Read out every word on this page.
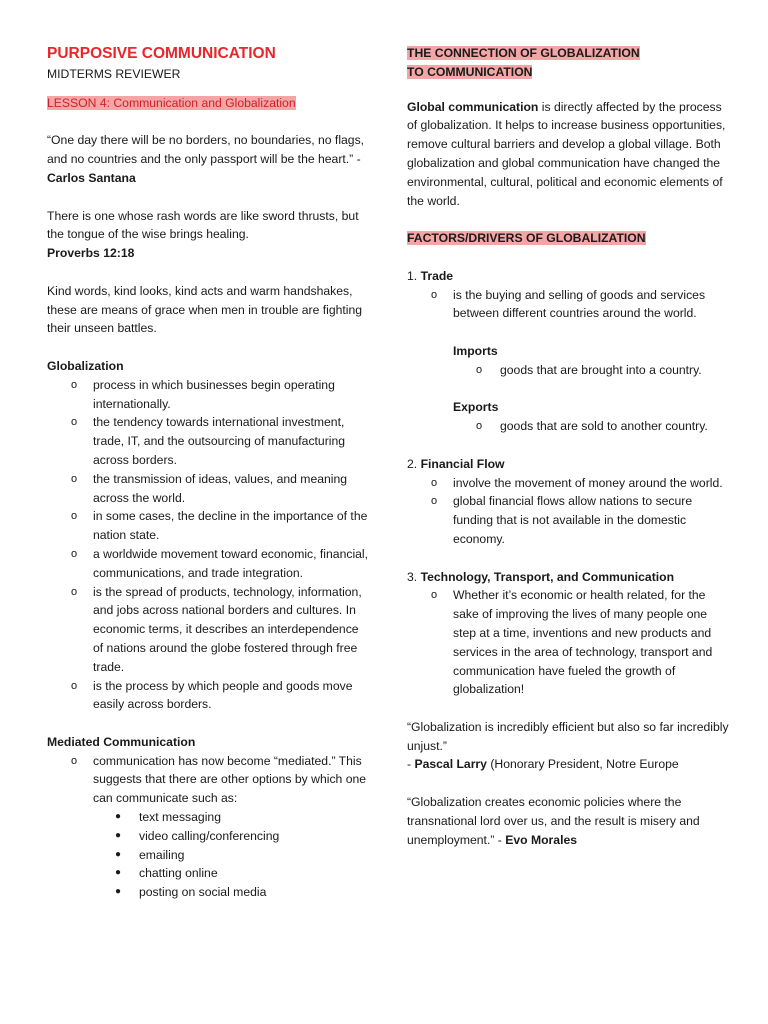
PURPOSIVE COMMUNICATION

MIDTERMS REVIEWER

LESSON 4: Communication and Globalization

“One day there will be no borders, no boundaries, no flags, and no countries and the only passport will be the heart.” - Carlos Santana

There is one whose rash words are like sword thrusts, but the tongue of the wise brings healing.

Proverbs 12:18

Kind words, kind looks, kind acts and warm handshakes, these are means of grace when men in trouble are fighting their unseen battles.

Globalization

o process in which businesses begin operating internationally.
o the tendency towards international investment, trade, IT, and the outsourcing of manufacturing across borders.
o the transmission of ideas, values, and meaning across the world.
o in some cases, the decline in the importance of the nation state.
o a worldwide movement toward economic, financial, communications, and trade integration.
o is the spread of products, technology, information, and jobs across national borders and cultures. In economic terms, it describes an interdependence of nations around the globe fostered through free trade.
o is the process by which people and goods move easily across borders.

Mediated Communication

o communication has now become “mediated.” This suggests that there are other options by which one can communicate such as:
● text messaging
● video calling/conferencing
● emailing
● chatting online
● posting on social media

THE CONNECTION OF GLOBALIZATION TO COMMUNICATION

Global communication is directly affected by the process of globalization. It helps to increase business opportunities, remove cultural barriers and develop a global village. Both globalization and global communication have changed the environmental, cultural, political and economic elements of the world.

FACTORS/DRIVERS OF GLOBALIZATION

1. Trade

o is the buying and selling of goods and services between different countries around the world.

Imports

o goods that are brought into a country.

Exports

o goods that are sold to another country.

2. Financial Flow

o involve the movement of money around the world.
o global financial flows allow nations to secure funding that is not available in the domestic economy.

3. Technology, Transport, and Communication

o Whether it’s economic or health related, for the sake of improving the lives of many people one step at a time, inventions and new products and services in the area of technology, transport and communication have fueled the growth of globalization!

“Globalization is incredibly efficient but also so far incredibly unjust.”

- Pascal Larry (Honorary President, Notre Europe

“Globalization creates economic policies where the transnational lord over us, and the result is misery and unemployment.” - Evo Morales
